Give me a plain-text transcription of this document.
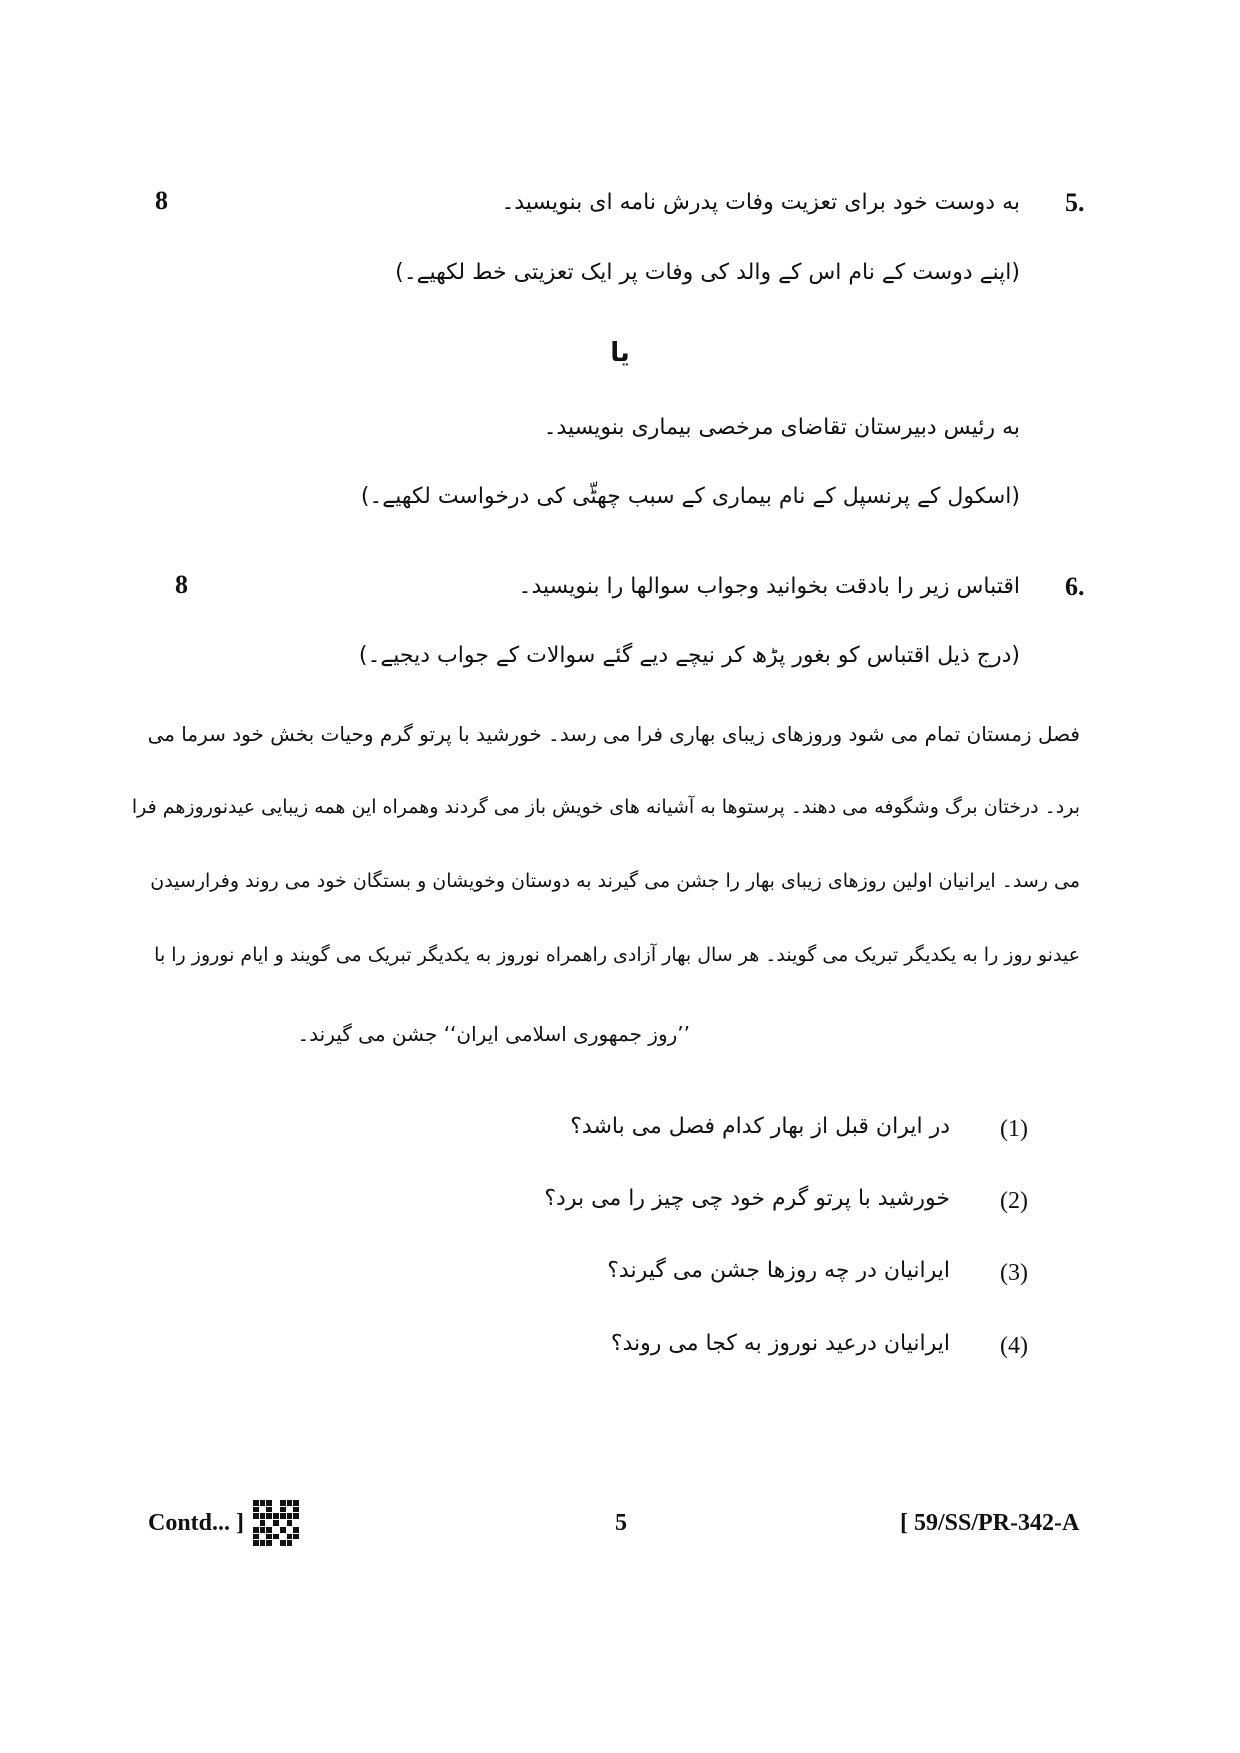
8	به دوست خود برای تعزیت وفات پدرش نامه ای بنویسید۔ 5.
(اپنے دوست کے نام اس کے والد کی وفات پر ایک تعزیتی خط لکھیے۔)
یا
به رئیس دبیرستان تقاضای مرخصی بیماری بنویسید۔
(اسکول کے پرنسپل کے نام بیماری کے سبب چھٹّی کی درخواست لکھیے۔)
8	اقتباس زیر را بادقت بخوانید وجواب سوالها را بنویسید۔ 6.
(درج ذیل اقتباس کو بغور پڑھ کر نیچے دیے گئے سوالات کے جواب دیجیے۔)
فصل زمستان تمام می شود وروزهای زیبای بهاری فرا می رسد۔ خورشید با پرتو گرم وحیات بخش خود سرما می
برد۔ درختان برگ وشگوفه می دهند۔ پرستوها به آشیانه های خویش باز می گردند وهمراه این همه زیبایی عیدنوروزهم فرا
می رسد۔ ایرانیان اولین روزهای زیبای بهار را جشن می گیرند به دوستان وخویشان و بستگان خود می روند وفرارسیدن
عیدنو روز را به یکدیگر تبریک می گویند۔ هر سال بهار آزادی راهمراه نوروز به یکدیگر تبریک می گویند و ایام نوروز را با
’’روز جمهوری اسلامی ایران‘‘ جشن می گیرند۔
(1)
در ایران قبل از بهار کدام فصل می باشد؟
(2)
خورشید با پرتو گرم خود چی چیز را می برد؟
(3)
ایرانیان در چه روزها جشن می گیرند؟
(4)
ایرانیان درعید نوروز به کجا می روند؟
Contd... ]	5	[ 59/SS/PR-342-A
